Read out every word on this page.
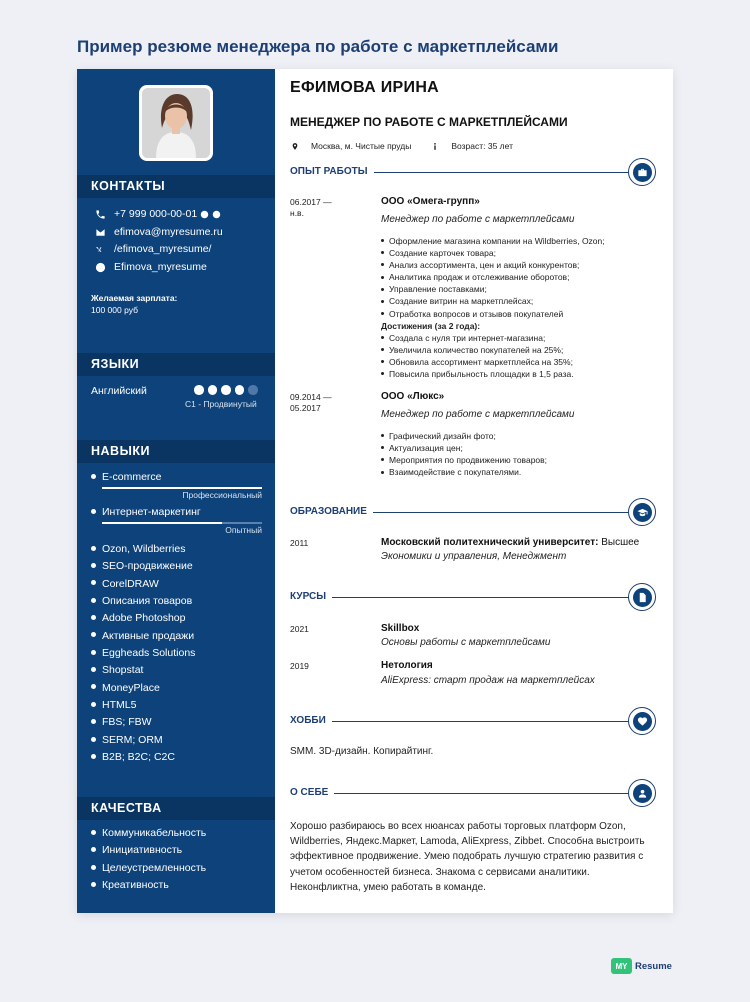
Пример резюме менеджера по работе с маркетплейсами
КОНТАКТЫ
+7 999 000-00-01
efimova@myresume.ru
/efimova_myresume/
Efimova_myresume
Желаемая зарплата:
100 000 руб
ЯЗЫКИ
Английский
C1 - Продвинутый
НАВЫКИ
E-commerce
Профессиональный
Интернет-маркетинг
Опытный
Ozon, Wildberries
SEO-продвижение
CorelDRAW
Описания товаров
Adobe Photoshop
Активные продажи
Eggheads Solutions
Shopstat
MoneyPlace
HTML5
FBS; FBW
SERM; ORM
B2B; B2C; C2C
КАЧЕСТВА
Коммуникабельность
Инициативность
Целеустремленность
Креативность
ЕФИМОВА ИРИНА
МЕНЕДЖЕР ПО РАБОТЕ С МАРКЕТПЛЕЙСАМИ
Москва, м. Чистые пруды	Возраст: 35 лет
ОПЫТ РАБОТЫ
06.2017 —
н.в.
ООО «Омега-групп»
Менеджер по работе с маркетплейсами
Оформление магазина компании на Wildberries, Ozon;
Создание карточек товара;
Анализ ассортимента, цен и акций конкурентов;
Аналитика продаж и отслеживание оборотов;
Управление поставками;
Создание витрин на маркетплейсах;
Отработка вопросов и отзывов покупателей
Достижения (за 2 года):
Создала с нуля три интернет-магазина;
Увеличила количество покупателей на 25%;
Обновила ассортимент маркетплейса на 35%;
Повысила прибыльность площадки в 1,5 раза.
09.2014 —
05.2017
ООО «Люкс»
Менеджер по работе с маркетплейсами
Графический дизайн фото;
Актуализация цен;
Мероприятия по продвижению товаров;
Взаимодействие с покупателями.
ОБРАЗОВАНИЕ
2011	Московский политехнический университет: Высшее
Экономики и управления, Менеджмент
КУРСЫ
2021	Skillbox
Основы работы с маркетплейсами
2019	Нетология
AliExpress: старт продаж на маркетплейсах
ХОББИ
SMM. 3D-дизайн. Копирайтинг.
О СЕБЕ
Хорошо разбираюсь во всех нюансах работы торговых платформ Ozon, Wildberries, Яндекс.Маркет, Lamoda, AliExpress, Zibbet. Способна выстроить эффективное продвижение. Умею подобрать лучшую стратегию развития с учетом особенностей бизнеса. Знакома с сервисами аналитики. Неконфликтна, умею работать в команде.
MY Resume
